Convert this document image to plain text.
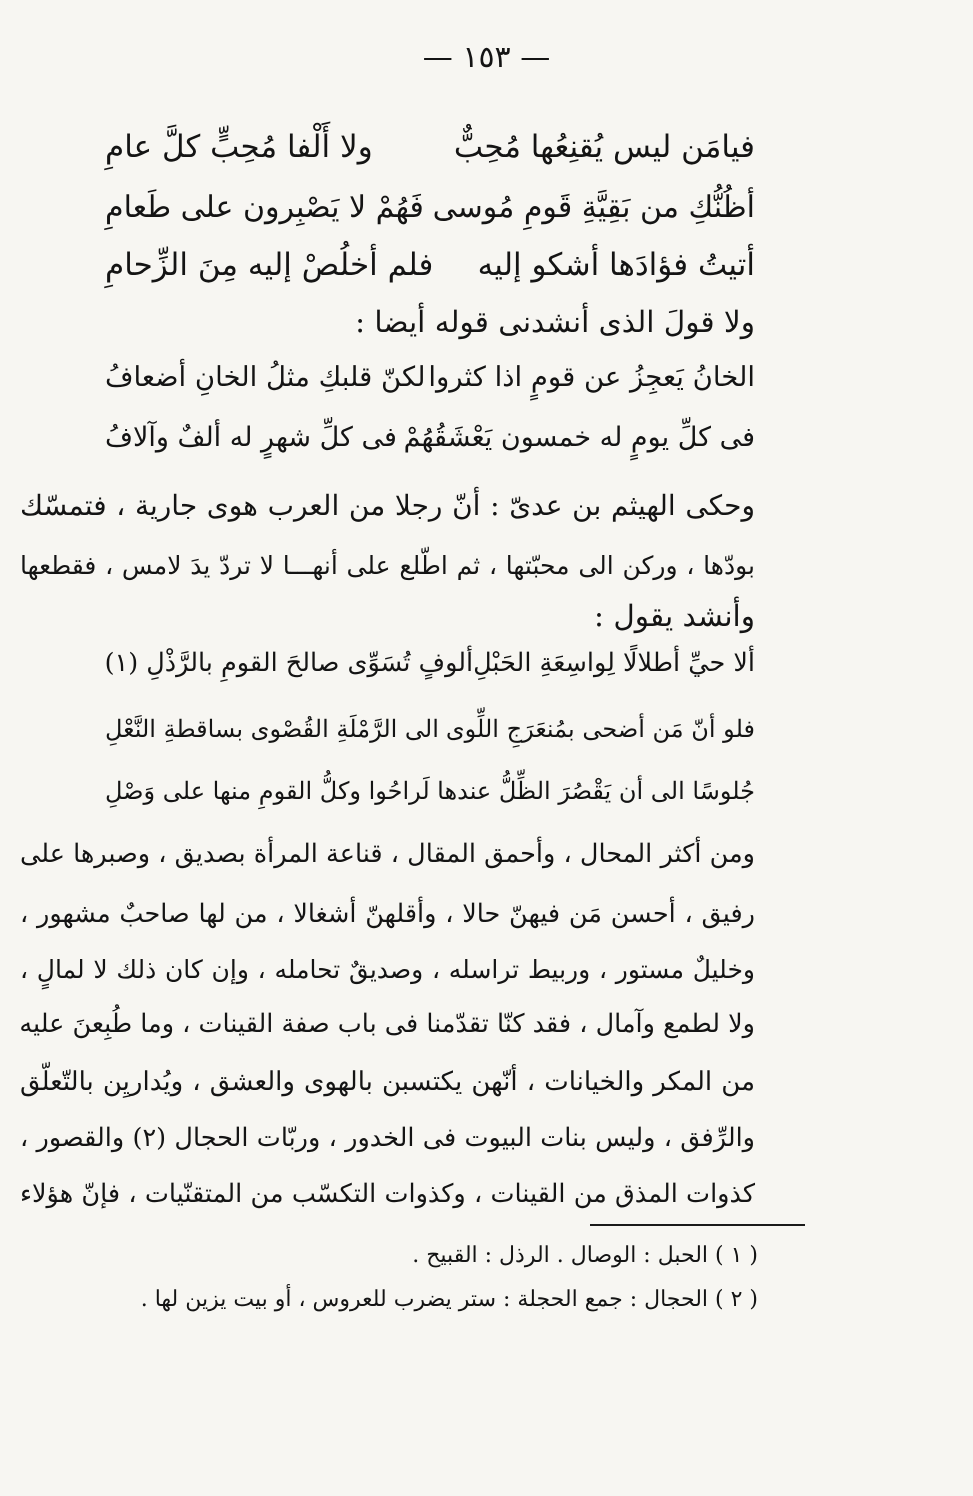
— ١٥٣ —
فيامَن ليس يُقنِعُها مُحِبٌّ
ولا أَلْفا مُحِبٍّ كلَّ عامِ
أظُنُّكِ من بَقِيَّةِ قَومِ مُوسى
فَهُمْ لا يَصْبِرون على طَعامِ
أتيتُ فؤادَها أشكو إليه
فلم أخلُصْ إليه مِنَ الزِّحامِ
ولا قولَ الذى أنشدنى قوله أيضا :
الخانُ يَعجِزُ عن قومٍ اذا كثروا
لكنّ قلبكِ مثلُ الخانِ أضعافُ
فى كلِّ يومٍ له خمسون يَعْشَقُهُمْ
فى كلِّ شهرٍ له ألفٌ وآلافُ
وحكى الهيثم بن عدىّ : أنّ رجلا من العرب هوى جارية ، فتمسّك
بودّها ، وركن الى محبّتها ، ثم اطّلع على أنهـــا لا تردّ يدَ لامس ، فقطعها
وأنشد يقول :
ألا حيِّ أطلالًا لِواسِعَةِ الحَبْلِ
ألوفٍ تُسَوِّى صالحَ القومِ بالرَّذْلِ (١)
فلو أنّ مَن أضحى بمُنعَرَجِ اللِّوى
الى الرَّمْلَةِ القُصْوى بساقطةِ النَّعْلِ
جُلوسًا الى أن يَقْصُرَ الظِّلُّ عندها
لَراحُوا وكلُّ القومِ منها على وَصْلِ
ومن أكثر المحال ، وأحمق المقال ، قناعة المرأة بصديق ، وصبرها على
رفيق ، أحسن مَن فيهنّ حالا ، وأقلهنّ أشغالا ، من لها صاحبٌ مشهور ،
وخليلٌ مستور ، وربيط تراسله ، وصديقٌ تحامله ، وإن كان ذلك لا لمالٍ ،
ولا لطمع وآمال ، فقد كنّا تقدّمنا فى باب صفة القينات ، وما طُبِعنَ عليه
من المكر والخيانات ، أنّهن يكتسبن بالهوى والعشق ، ويُداريِن بالتّعلّق
والرِّفق ، وليس بنات البيوت فى الخدور ، وربّات الحجال (٢) والقصور ،
كذوات المذق من القينات ، وكذوات التكسّب من المتقنّيات ، فإنّ هؤلاء
( ١ ) الحبل : الوصال . الرذل : القبيح .
( ٢ ) الحجال : جمع الحجلة : ستر يضرب للعروس ، أو بيت يزين لها .
